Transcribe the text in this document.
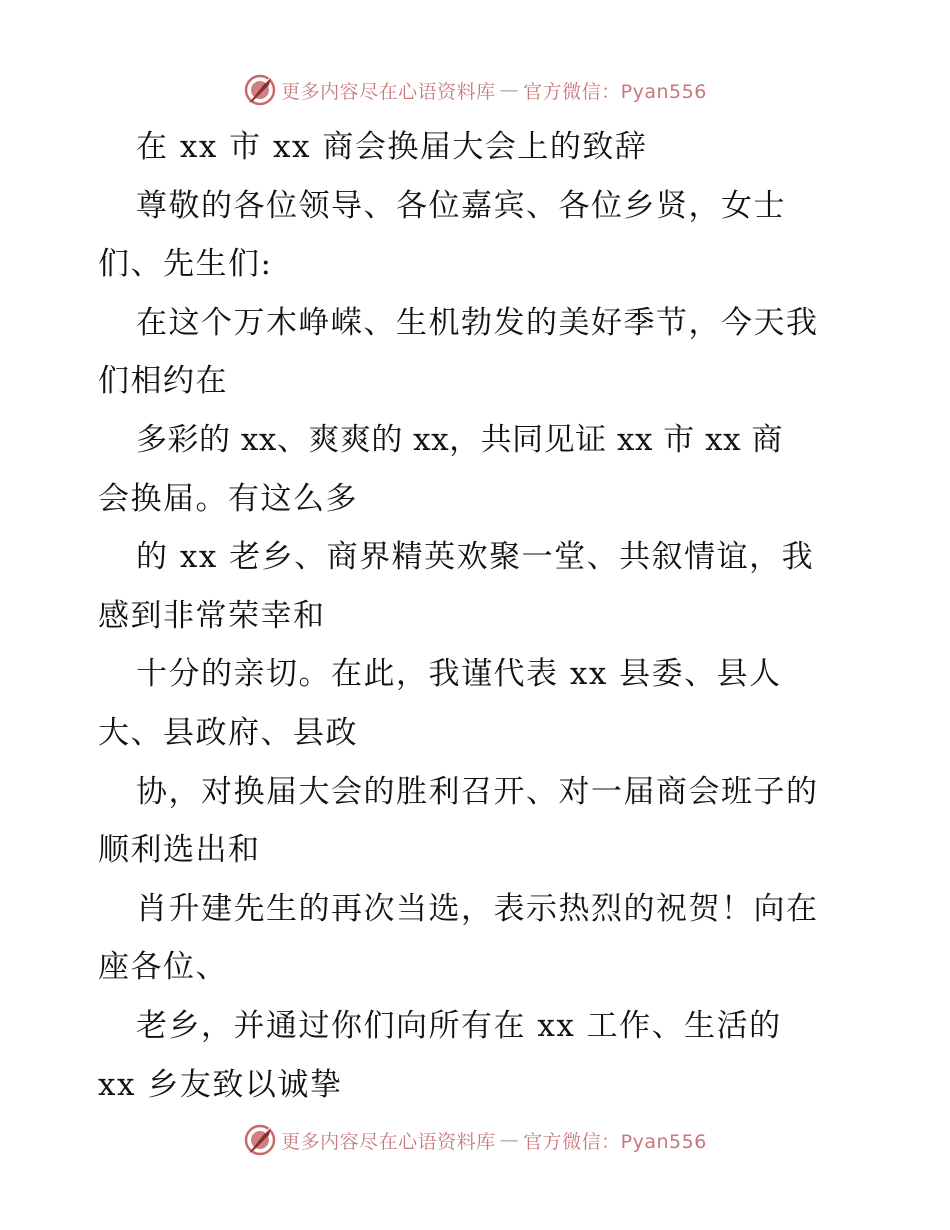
更多内容尽在心语资料库 — 官方微信：Pyan556
在 xx 市 xx 商会换届大会上的致辞
尊敬的各位领导、各位嘉宾、各位乡贤，女士
们、先生们:
在这个万木峥嵘、生机勃发的美好季节，今天我
们相约在
多彩的 xx、爽爽的 xx，共同见证 xx 市 xx 商
会换届。有这么多
的 xx 老乡、商界精英欢聚一堂、共叙情谊，我
感到非常荣幸和
十分的亲切。在此，我谨代表 xx 县委、县人
大、县政府、县政
协，对换届大会的胜利召开、对一届商会班子的
顺利选出和
肖升建先生的再次当选，表示热烈的祝贺！向在
座各位、
老乡，并通过你们向所有在 xx 工作、生活的
xx 乡友致以诚挚
更多内容尽在心语资料库 — 官方微信：Pyan556
